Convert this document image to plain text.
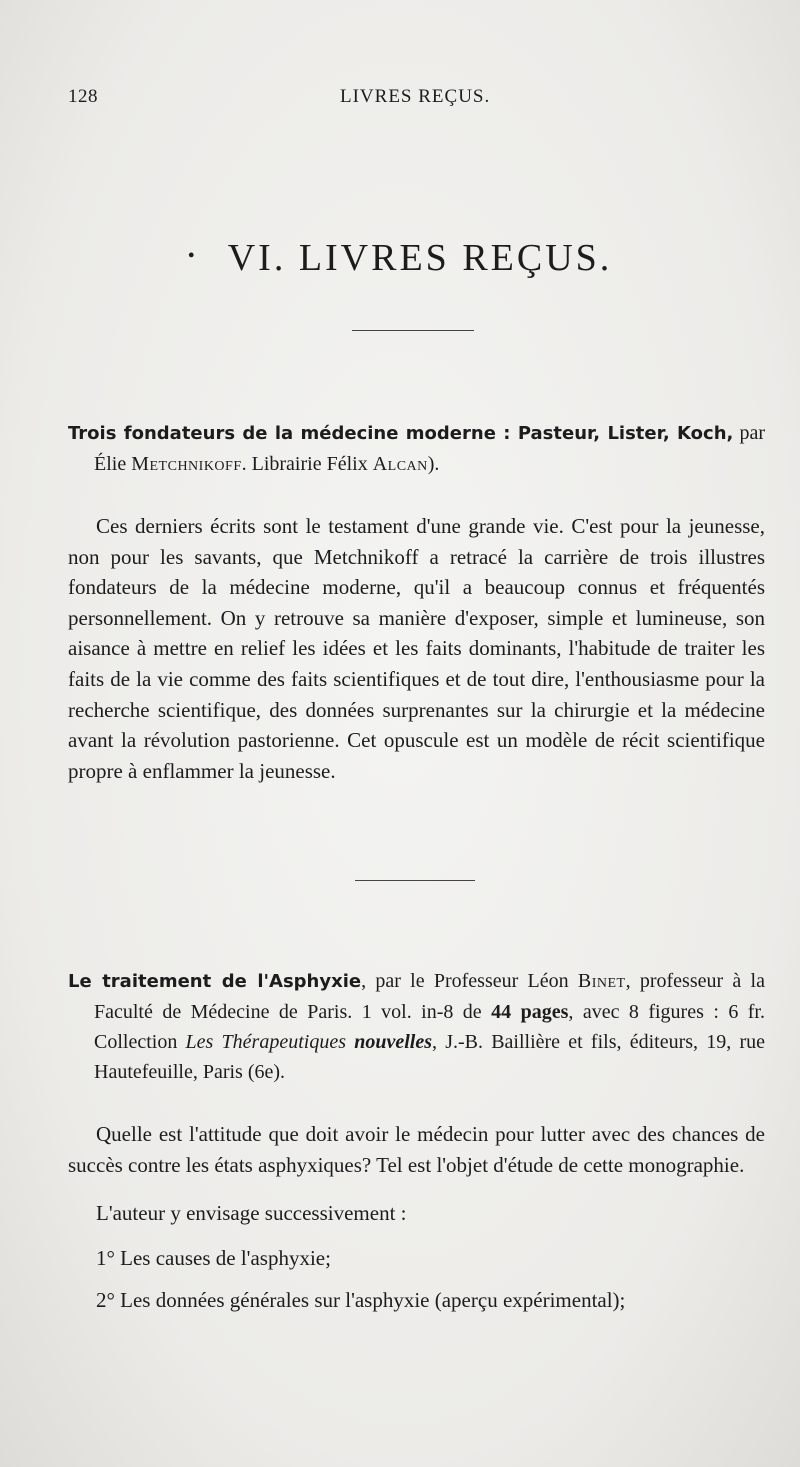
128	LIVRES REÇUS.
• VI. LIVRES REÇUS.
Trois fondateurs de la médecine moderne : Pasteur, Lister, Koch, par Élie Metchnikoff. Librairie Félix Alcan).

Ces derniers écrits sont le testament d'une grande vie. C'est pour la jeunesse, non pour les savants, que Metchnikoff a retracé la carrière de trois illustres fondateurs de la médecine moderne, qu'il a beaucoup connus et fréquentés personnellement. On y retrouve sa manière d'exposer, simple et lumineuse, son aisance à mettre en relief les idées et les faits dominants, l'habitude de traiter les faits de la vie comme des faits scientifiques et de tout dire, l'enthousiasme pour la recherche scientifique, des données surprenantes sur la chirurgie et la médecine avant la révolution pastorienne. Cet opuscule est un modèle de récit scientifique propre à enflammer la jeunesse.

Le traitement de l'Asphyxie, par le Professeur Léon Binet, professeur à la Faculté de Médecine de Paris. 1 vol. in-8 de 44 pages, avec 8 figures : 6 fr. Collection Les Thérapeutiques nouvelles, J.-B. Baillière et fils, éditeurs, 19, rue Hautefeuille, Paris (6e).

Quelle est l'attitude que doit avoir le médecin pour lutter avec des chances de succès contre les états asphyxiques? Tel est l'objet d'étude de cette monographie.

L'auteur y envisage successivement :

1° Les causes de l'asphyxie;

2° Les données générales sur l'asphyxie (aperçu expérimental);
